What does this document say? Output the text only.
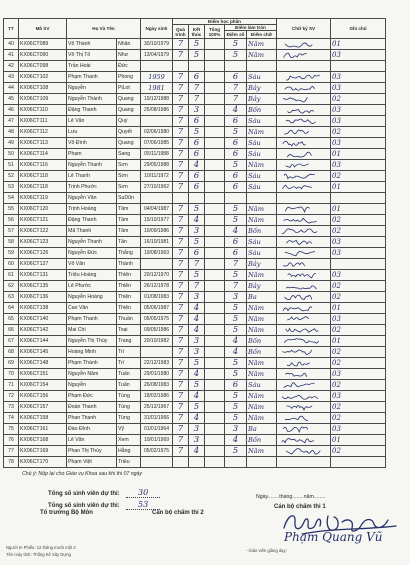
TT	Mã SV	Họ Và Tên		Ngày sinh	Điểm học phần					Chữ ký SV	Ghi chú
					Quá trình	Kết thúc	Tổng 100%	Điểm làm tròn			
								Điểm số	Điểm chữ		
40	KX06CT089	Võ Thành	Nhân	30/10/1979	7	5		5	Năm		01
41	KX06CT090	Võ Thị Tố	Như	13/04/1979	7	5		5	Năm		03
42	KX06CT098	Trần Hoài	Đức								
43	KX06CT102	Phạm Thanh	Phong	1959	7	6		6	Sáu		03
44	KX06CT108	Nguyễn	PiLot	1981	7	7		7	Bảy		03
45	KX06CT109	Nguyễn Thành	Quang	19/12/1988	7	7		7	Bảy		02
46	KX06CT110	Đặng Thanh	Quang	25/08/1986	7	3		4	Bốn		03
47	KX06CT111	Lê Văn	Quý		7	6		6	Sáu		03
48	KX06CT112	Lưu	Quyết	02/06/1980	7	5		5	Năm		02
49	KX06CT113	Võ Đình	Quang	07/06/1985	7	6		6	Sáu		03
50	KX06CT114	Phạm	Sang	05/11/1988	7	6		6	Sáu		01
51	KX06CT116	Nguyễn Thanh	Sơn	29/05/1988	7	4		5	Năm		03
52	KX06CT118	Lê Thanh	Sơn	10/11/1972	7	6		6	Sáu		02
53	KX06CT118	Trịnh Phước	Sơn	27/10/1962	7	6		6	Sáu		01
54	KX06CT119	Nguyễn Văn	SuDũn								
55	KX06CT120	Trịnh Hoàng	Tâm	04/04/1987	7	5		5	Năm		01
56	KX06CT121	Đặng Thanh	Tâm	15/10/1977	7	4		5	Năm		02
57	KX06CT122	Mã Thanh	Tâm	10/09/1986	7	3		4	Bốn		02
58	KX06CT123	Nguyễn Thanh	Tân	16/10/1981	7	5		6	Sáu		03
59	KX06CT126	Nguyễn Đức	Thắng	19/08/1963	7	6		6	Sáu		03
60	KX06CT127	Võ Văn	Thành		7	7		7	Bảy	

61	KX06CT131	Triệu Hoàng	Thiên	20/12/1970	7	5		5	Năm		03
62	KX06CT135	Lê Phước	Thiên	26/12/1978	7	7		7	Bảy		02
63	KX06CT136	Nguyễn Hoàng	Thiện	01/08/1983	7	3		3	Ba		02
64	KX06CT138	Cao Văn	Thiện	05/06/1987	7	4		5	Năm		01
65	KX06CT140	Phạm Thanh	Thuần	05/05/1975	7	4		5	Năm		03
66	KX06CT142	Mai Chí	Toại	09/05/1986	7	4		5	Năm		02
67	KX06CT144	Nguyễn Thị Thùy	Trang	20/10/1982	7	3		4	Bốn		01
68	KX06CT145	Hoàng Minh	Trí		7	3		4	Bốn		02
69	KX06CT148	Phạm Thành	Trí	22/12/1983	7	5		5	Năm		02
70	KX06CT151	Nguyễn Năm	Tuấn	29/01/1980	7	4		5	Năm		03
71	KX06CT154	Nguyễn	Tuấn	26/08/1983	7	5		6	Sáu		02
72	KX06CT156	Phạm Đức	Tùng	18/02/1986	7	4		5	Năm		03
73	KX06CT157	Đoàn Thanh	Tùng	25/12/1967	7	5		5	Năm		02
74	KX06CT158	Phan Thanh	Tùng	31/01/1966	7	4		5	Năm		02
75	KX06CT161	Đào Đình	Vỹ	01/01/1964	7	3		3	Ba		03
76	KX06CT168	Lê Văn	Xem	10/01/1969	7	3		4	Bốn		01
77	KX06CT169	Phan Thị Thùy	Hằng	05/02/1975	7	4		5	Năm		02
78	KX06CT170	Phạm Việt	Triều								
Chú ý: Nộp lại cho Giáo vụ Khoa sau khi thi 07 ngày
Tổng số sinh viên dự thi: 30
Tổng số sinh viên dự thi: 53
Ngày........tháng........năm........
Cán bộ chấm thi 1
Tổ trưởng Bộ Môn	Cán bộ chấm thi 2
Phạm Quang Vũ
Người In Phiếu: 12 tháng mười một 2
Tên máy tính: Thống Kê Xây Dựng
- Giáo viên giảng dạy:
